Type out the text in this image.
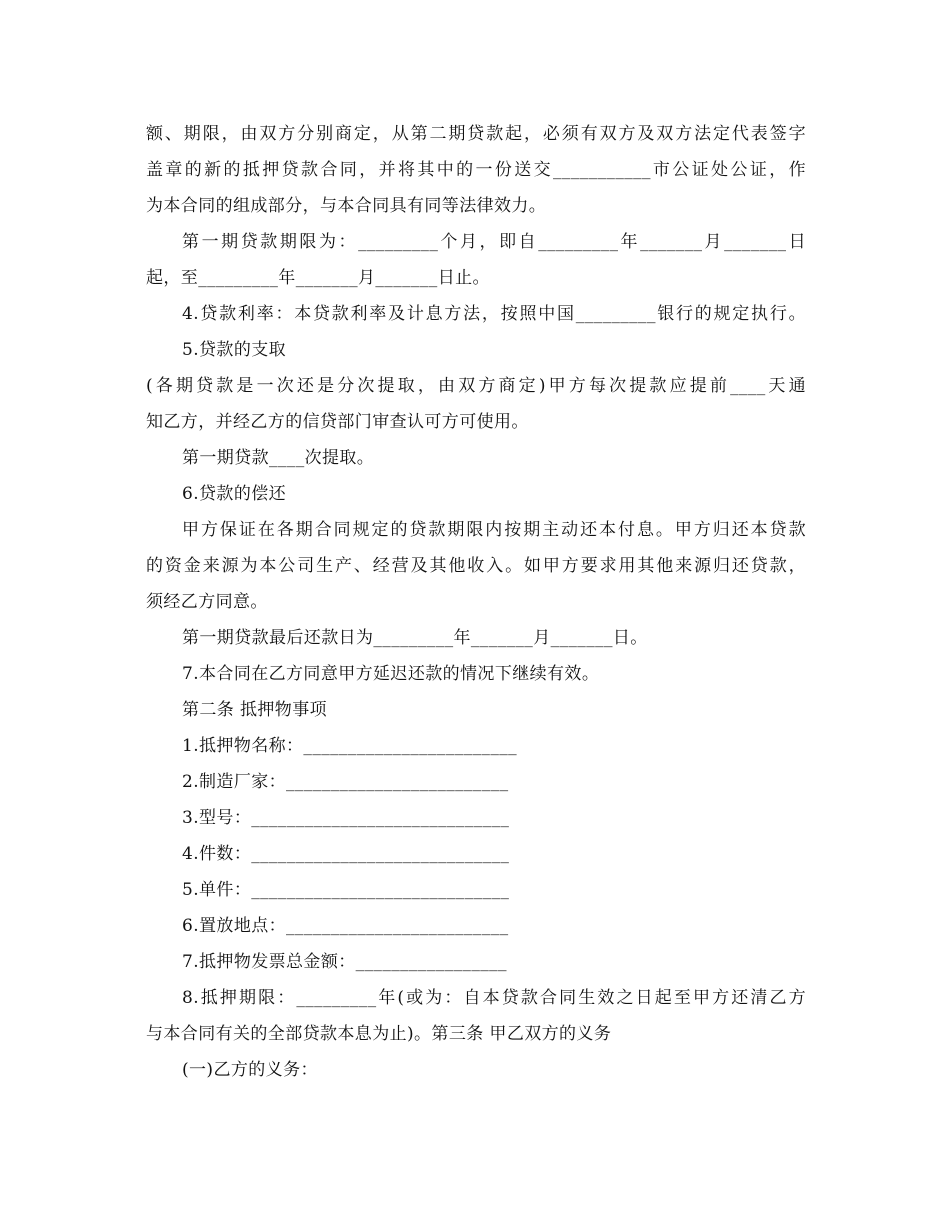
额、期限，由双方分别商定，从第二期贷款起，必须有双方及双方法定代表签字
盖章的新的抵押贷款合同，并将其中的一份送交___________市公证处公证，作
为本合同的组成部分，与本合同具有同等法律效力。
第一期贷款期限为：_________个月，即自_________年_______月_______日
起，至_________年_______月_______日止。
4.贷款利率：本贷款利率及计息方法，按照中国_________银行的规定执行。
5.贷款的支取
(各期贷款是一次还是分次提取，由双方商定)甲方每次提款应提前____天通
知乙方，并经乙方的信贷部门审查认可方可使用。
第一期贷款____次提取。
6.贷款的偿还
甲方保证在各期合同规定的贷款期限内按期主动还本付息。甲方归还本贷款
的资金来源为本公司生产、经营及其他收入。如甲方要求用其他来源归还贷款，
须经乙方同意。
第一期贷款最后还款日为_________年_______月_______日。
7.本合同在乙方同意甲方延迟还款的情况下继续有效。
第二条 抵押物事项
1.抵押物名称：________________________
2.制造厂家：_________________________
3.型号：_____________________________
4.件数：_____________________________
5.单件：_____________________________
6.置放地点：_________________________
7.抵押物发票总金额：_________________
8.抵押期限：_________年(或为：自本贷款合同生效之日起至甲方还清乙方
与本合同有关的全部贷款本息为止)。第三条 甲乙双方的义务
(一)乙方的义务：
